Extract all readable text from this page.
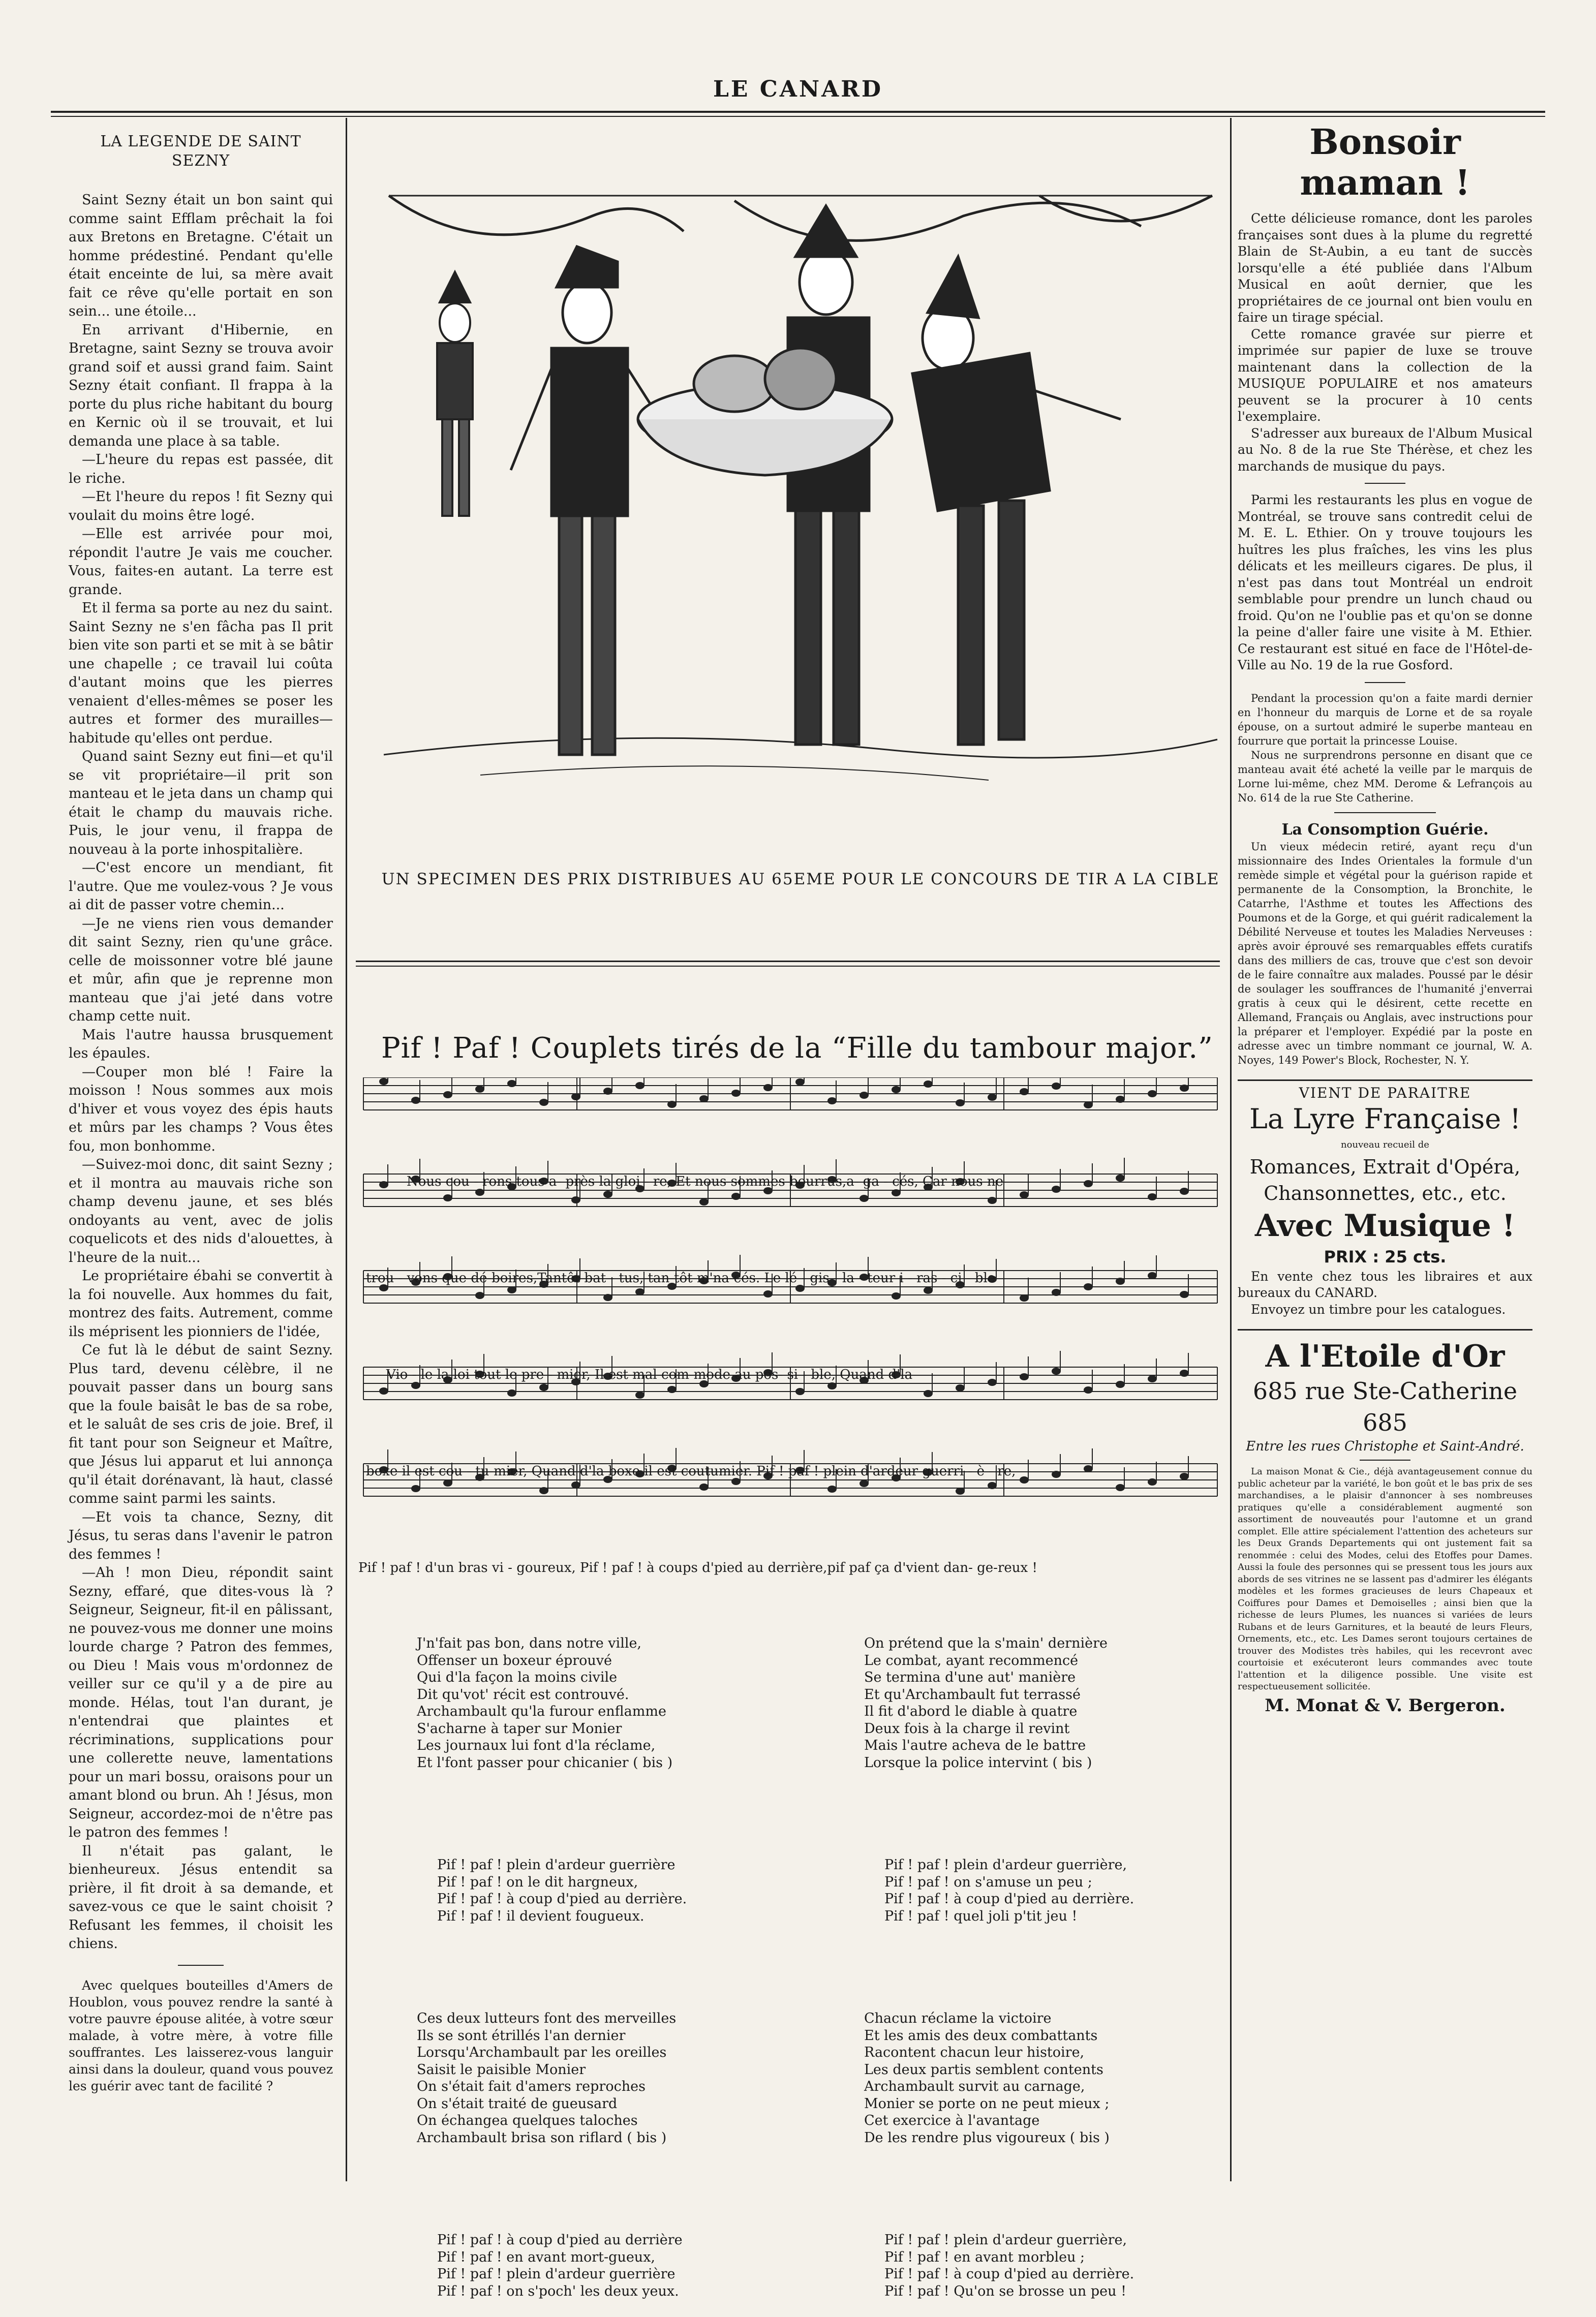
LE CANARD

LA LEGENDE DE SAINT SEZNY

Saint Sezny était un bon saint qui comme saint Efflam prêchait la foi aux Bretons en Bretagne. C'était un homme prédestiné. Pendant qu'elle était enceinte de lui, sa mère avait fait ce rêve qu'elle portait en son sein... une étoile...

En arrivant d'Hibernie, en Bretagne, saint Sezny se trouva avoir grand soif et aussi grand faim. Saint Sezny était confiant. Il frappa à la porte du plus riche habitant du bourg en Kernic où il se trouvait, et lui demanda une place à sa table.

—L'heure du repas est passée, dit le riche.

—Et l'heure du repos ! fit Sezny qui voulait du moins être logé.

—Elle est arrivée pour moi, répondit l'autre Je vais me coucher. Vous, faites-en autant. La terre est grande.

Et il ferma sa porte au nez du saint. Saint Sezny ne s'en fâcha pas Il prit bien vite son parti et se mit à se bâtir une chapelle ; ce travail lui coûta d'autant moins que les pierres venaient d'elles-mêmes se poser les autres et former des murailles—habitude qu'elles ont perdue.

Quand saint Sezny eut fini—et qu'il se vit propriétaire—il prit son manteau et le jeta dans un champ qui était le champ du mauvais riche. Puis, le jour venu, il frappa de nouveau à la porte inhospitalière.

—C'est encore un mendiant, fit l'autre. Que me voulez-vous ? Je vous ai dit de passer votre chemin...

—Je ne viens rien vous demander dit saint Sezny, rien qu'une grâce. celle de moissonner votre blé jaune et mûr, afin que je reprenne mon manteau que j'ai jeté dans votre champ cette nuit.

Mais l'autre haussa brusquement les épaules.

—Couper mon blé ! Faire la moisson ! Nous sommes aux mois d'hiver et vous voyez des épis hauts et mûrs par les champs ? Vous êtes fou, mon bonhomme.

—Suivez-moi donc, dit saint Sezny ; et il montra au mauvais riche son champ devenu jaune, et ses blés ondoyants au vent, avec de jolis coquelicots et des nids d'alouettes, à l'heure de la nuit...

Le propriétaire ébahi se convertit à la foi nouvelle. Aux hommes du fait, montrez des faits. Autrement, comme ils méprisent les pionniers de l'idée,

Ce fut là le début de saint Sezny. Plus tard, devenu célèbre, il ne pouvait passer dans un bourg sans que la foule baisât le bas de sa robe, et le saluât de ses cris de joie. Bref, il fit tant pour son Seigneur et Maître, que Jésus lui apparut et lui annonça qu'il était dorénavant, là haut, classé comme saint parmi les saints.

—Et vois ta chance, Sezny, dit Jésus, tu seras dans l'avenir le patron des femmes !

—Ah ! mon Dieu, répondit saint Sezny, effaré, que dites-vous là ? Seigneur, Seigneur, fit-il en pâlissant, ne pouvez-vous me donner une moins lourde charge ? Patron des femmes, ou Dieu ! Mais vous m'ordonnez de veiller sur ce qu'il y a de pire au monde. Hélas, tout l'an durant, je n'entendrai que plaintes et récriminations, supplications pour une collerette neuve, lamentations pour un mari bossu, oraisons pour un amant blond ou brun. Ah ! Jésus, mon Seigneur, accordez-moi de n'être pas le patron des femmes !

Il n'était pas galant, le bienheureux. Jésus entendit sa prière, il fit droit à sa demande, et savez-vous ce que le saint choisit ? Refusant les femmes, il choisit les chiens.

Avec quelques bouteilles d'Amers de Houblon, vous pouvez rendre la santé à votre pauvre épouse alitée, à votre sœur malade, à votre mère, à votre fille souffrantes. Les laisserez-vous languir ainsi dans la douleur, quand vous pouvez les guérir avec tant de facilité ?

UN SPECIMEN DES PRIX DISTRIBUES AU 65EME POUR LE CONCOURS DE TIR A LA CIBLE
Pif ! Paf ! Couplets tirés de la “Fille du tambour major.”
Nous cou - rons tous a- près la gloi - re, Et nous sommes bourrus,a- ga - cés, Car nous ne
trou - vons que dé-boires,Tantôt bat - tus, tan-tôt m'na-cés. Le lé - gis - la - teur i - ras - ci - ble
Vio - le la loi tout le pre - mier, Il est mal com-mode au pos- si - ble, Quand d'la
boxe il est cou - tu-mier, Quand d'la boxe il est coutumier. Pif ! paf ! plein d'ardeur guerri - è - re,
Pif ! paf ! d'un bras vi - goureux, Pif ! paf ! à coups d'pied au derrière,pif paf ça d'vient dan- ge-reux !

J'n'fait pas bon, dans notre ville,
Offenser un boxeur éprouvé
Qui d'la façon la moins civile
Dit qu'vot' récit est controuvé.
Archambault qu'la furour enflamme
S'acharne à taper sur Monier
Les journaux lui font d'la réclame,
Et l'font passer pour chicanier ( bis )

Pif ! paf ! plein d'ardeur guerrière
Pif ! paf ! on le dit hargneux,
Pif ! paf ! à coup d'pied au derrière.
Pif ! paf ! il devient fougueux.

Ces deux lutteurs font des merveilles
Ils se sont étrillés l'an dernier
Lorsqu'Archambault par les oreilles
Saisit le paisible Monier
On s'était fait d'amers reproches
On s'était traité de gueusard
On échangea quelques taloches
Archambault brisa son riflard ( bis )

Pif ! paf ! à coup d'pied au derrière
Pif ! paf ! en avant mort-gueux,
Pif ! paf ! plein d'ardeur guerrière
Pif ! paf ! on s'poch' les deux yeux.

On prétend que la s'main' dernière
Le combat, ayant recommencé
Se termina d'une aut' manière
Et qu'Archambault fut terrassé
Il fit d'abord le diable à quatre
Deux fois à la charge il revint
Mais l'autre acheva de le battre
Lorsque la police intervint ( bis )

Pif ! paf ! plein d'ardeur guerrière,
Pif ! paf ! on s'amuse un peu ;
Pif ! paf ! à coup d'pied au derrière.
Pif ! paf ! quel joli p'tit jeu !

Chacun réclame la victoire
Et les amis des deux combattants
Racontent chacun leur histoire,
Les deux partis semblent contents
Archambault survit au carnage,
Monier se porte on ne peut mieux ;
Cet exercice à l'avantage
De les rendre plus vigoureux ( bis )

Pif ! paf ! plein d'ardeur guerrière,
Pif ! paf ! en avant morbleu ;
Pif ! paf ! à coup d'pied au derrière.
Pif ! paf ! Qu'on se brosse un peu !

Bonsoir maman !

Cette délicieuse romance, dont les paroles françaises sont dues à la plume du regretté Blain de St-Aubin, a eu tant de succès lorsqu'elle a été publiée dans l'Album Musical en août dernier, que les propriétaires de ce journal ont bien voulu en faire un tirage spécial.

Cette romance gravée sur pierre et imprimée sur papier de luxe se trouve maintenant dans la collection de la MUSIQUE POPULAIRE et nos amateurs peuvent se la procurer à 10 cents l'exemplaire.

S'adresser aux bureaux de l'Album Musical au No. 8 de la rue Ste Thérèse, et chez les marchands de musique du pays.

Parmi les restaurants les plus en vogue de Montréal, se trouve sans contredit celui de M. E. L. Ethier. On y trouve toujours les huîtres les plus fraîches, les vins les plus délicats et les meilleurs cigares. De plus, il n'est pas dans tout Montréal un endroit semblable pour prendre un lunch chaud ou froid. Qu'on ne l'oublie pas et qu'on se donne la peine d'aller faire une visite à M. Ethier. Ce restaurant est situé en face de l'Hôtel-de-Ville au No. 19 de la rue Gosford.

Pendant la procession qu'on a faite mardi dernier en l'honneur du marquis de Lorne et de sa royale épouse, on a surtout admiré le superbe manteau en fourrure que portait la princesse Louise.

Nous ne surprendrons personne en disant que ce manteau avait été acheté la veille par le marquis de Lorne lui-même, chez MM. Derome & Lefrançois au No. 614 de la rue Ste Catherine.

La Consomption Guérie.

Un vieux médecin retiré, ayant reçu d'un missionnaire des Indes Orientales la formule d'un remède simple et végétal pour la guérison rapide et permanente de la Consomption, la Bronchite, le Catarrhe, l'Asthme et toutes les Affections des Poumons et de la Gorge, et qui guérit radicalement la Débilité Nerveuse et toutes les Maladies Nerveuses : après avoir éprouvé ses remarquables effets curatifs dans des milliers de cas, trouve que c'est son devoir de le faire connaître aux malades. Poussé par le désir de soulager les souffrances de l'humanité j'enverrai gratis à ceux qui le désirent, cette recette en Allemand, Français ou Anglais, avec instructions pour la préparer et l'employer. Expédié par la poste en adresse avec un timbre nommant ce journal, W. A. Noyes, 149 Power's Block, Rochester, N. Y.

VIENT DE PARAITRE
La Lyre Française !
nouveau recueil de
Romances, Extrait d'Opéra,
Chansonnettes, etc., etc.
Avec Musique !
PRIX : 25 cts.

En vente chez tous les libraires et aux bureaux du CANARD.

Envoyez un timbre pour les catalogues.

A l'Etoile d'Or
685 rue Ste-Catherine 685
Entre les rues Christophe et Saint-André.

La maison Monat & Cie., déjà avantageusement connue du public acheteur par la variété, le bon goût et le bas prix de ses marchandises, a le plaisir d'annoncer à ses nombreuses pratiques qu'elle a considérablement augmenté son assortiment de nouveautés pour l'automne et un grand complet. Elle attire spécialement l'attention des acheteurs sur les Deux Grands Departements qui ont justement fait sa renommée : celui des Modes, celui des Etoffes pour Dames. Aussi la foule des personnes qui se pressent tous les jours aux abords de ses vitrines ne se lassent pas d'admirer les élégants modèles et les formes gracieuses de leurs Chapeaux et Coiffures pour Dames et Demoiselles ; ainsi bien que la richesse de leurs Plumes, les nuances si variées de leurs Rubans et de leurs Garnitures, et la beauté de leurs Fleurs, Ornements, etc., etc. Les Dames seront toujours certaines de trouver des Modistes très habiles, qui les recevront avec courtoisie et exécuteront leurs commandes avec toute l'attention et la diligence possible. Une visite est respectueusement sollicitée.

M. Monat & V. Bergeron.
